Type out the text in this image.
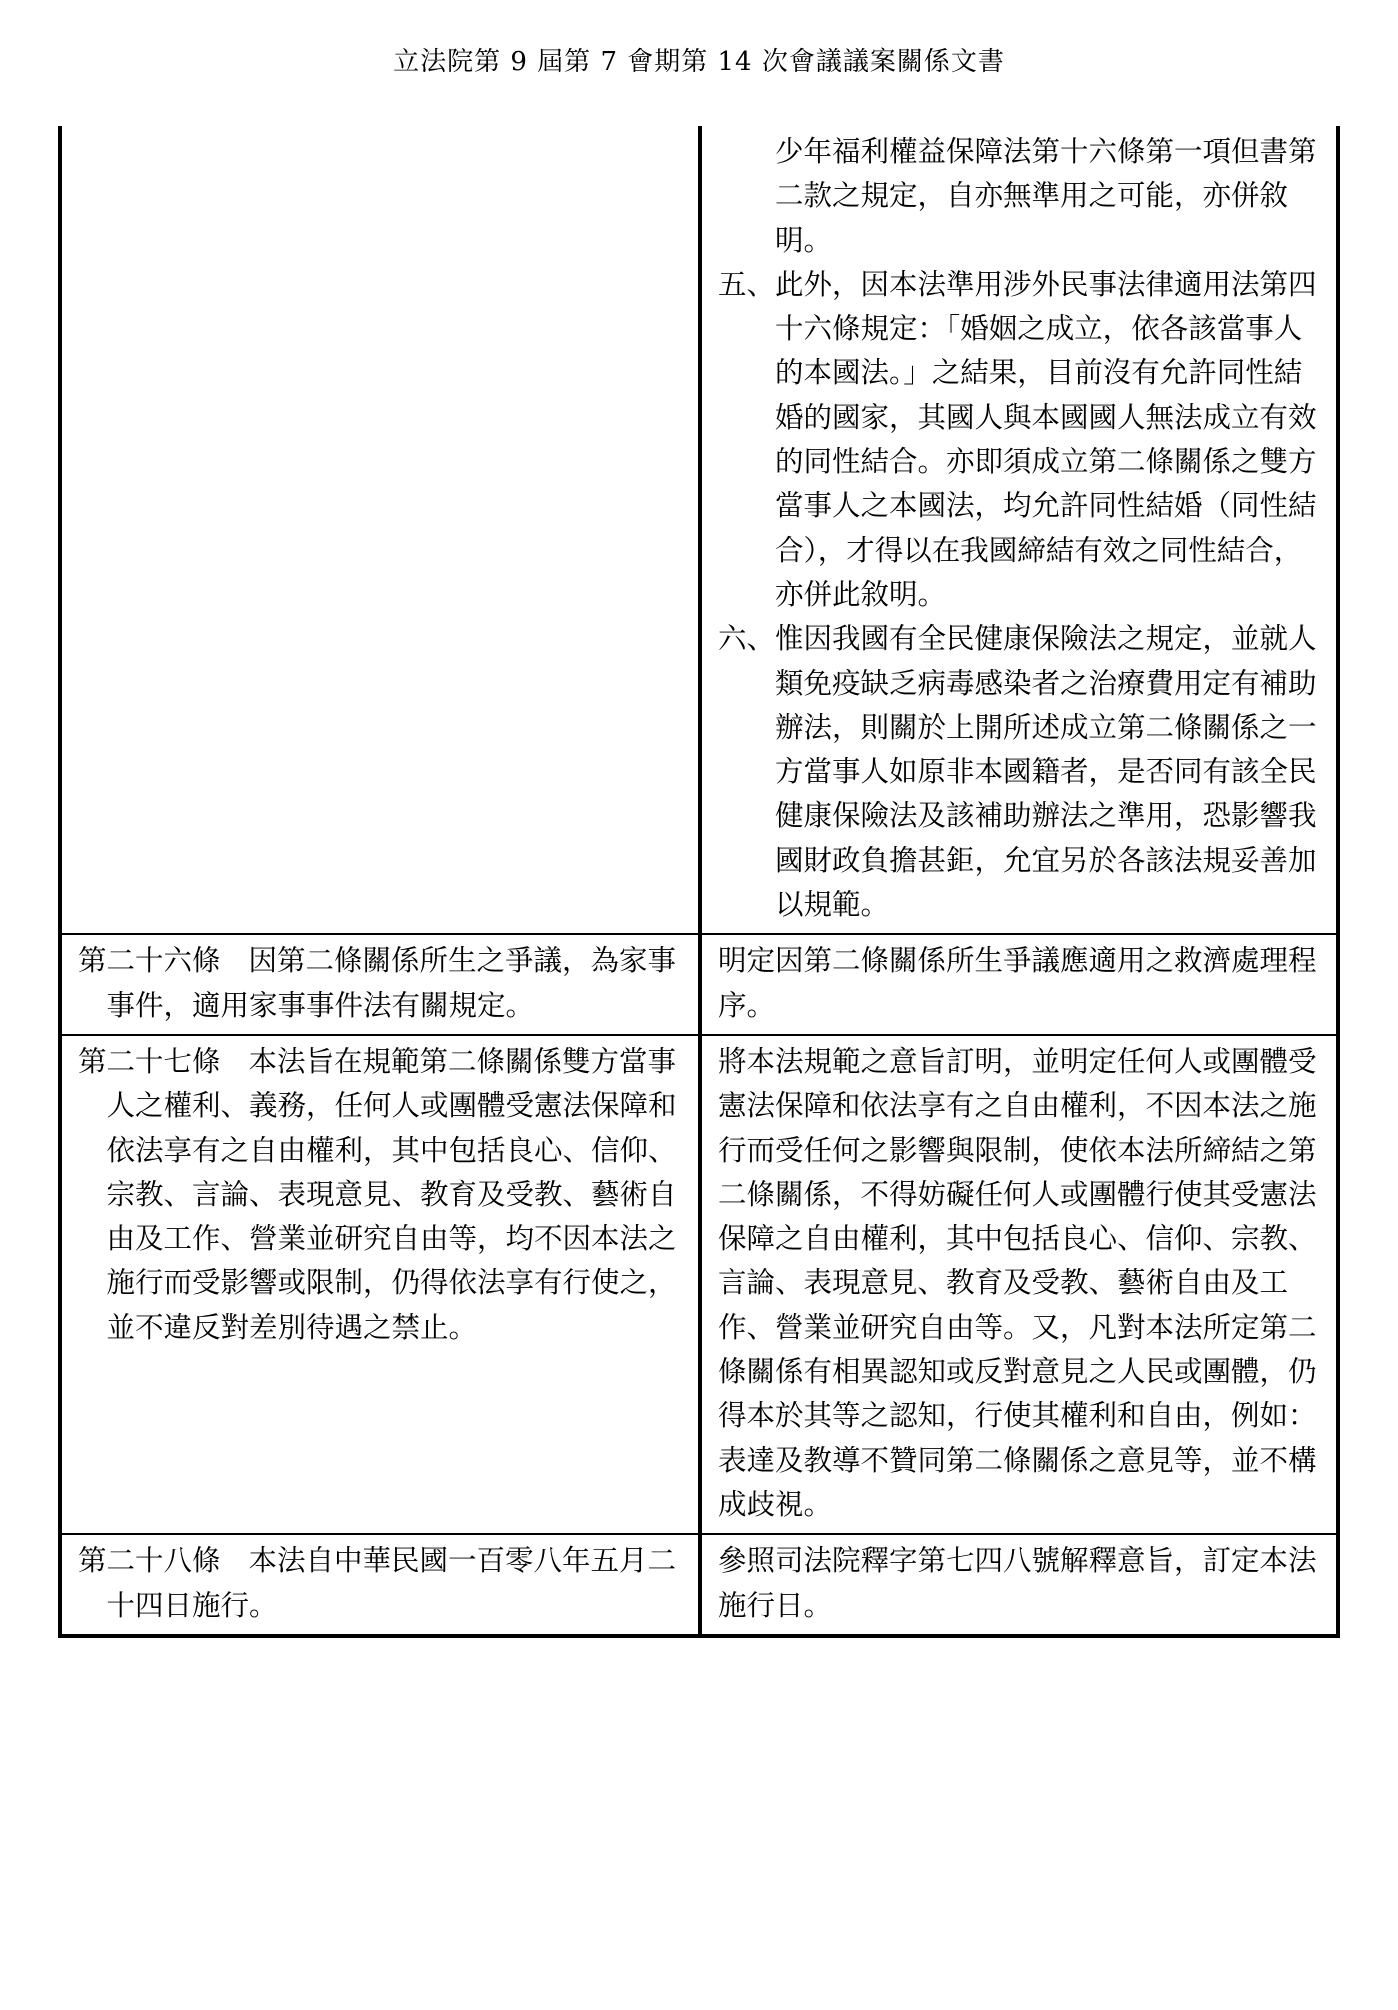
立法院第 9 屆第 7 會期第 14 次會議議案關係文書

	少年福利權益保障法第十六條第一項但書第二款之規定，自亦無準用之可能，亦併敘明。
五、此外，因本法準用涉外民事法律適用法第四十六條規定：「婚姻之成立，依各該當事人的本國法。」之結果，目前沒有允許同性結婚的國家，其國人與本國國人無法成立有效的同性結合。亦即須成立第二條關係之雙方當事人之本國法，均允許同性結婚（同性結合），才得以在我國締結有效之同性結合，亦併此敘明。
六、惟因我國有全民健康保險法之規定，並就人類免疫缺乏病毒感染者之治療費用定有補助辦法，則關於上開所述成立第二條關係之一方當事人如原非本國籍者，是否同有該全民健康保險法及該補助辦法之準用，恐影響我國財政負擔甚鉅，允宜另於各該法規妥善加以規範。

第二十六條 因第二條關係所生之爭議，為家事事件，適用家事事件法有關規定。	明定因第二條關係所生爭議應適用之救濟處理程序。

第二十七條 本法旨在規範第二條關係雙方當事人之權利、義務，任何人或團體受憲法保障和依法享有之自由權利，其中包括良心、信仰、宗教、言論、表現意見、教育及受教、藝術自由及工作、營業並研究自由等，均不因本法之施行而受影響或限制，仍得依法享有行使之，並不違反對差別待遇之禁止。	將本法規範之意旨訂明，並明定任何人或團體受憲法保障和依法享有之自由權利，不因本法之施行而受任何之影響與限制，使依本法所締結之第二條關係，不得妨礙任何人或團體行使其受憲法保障之自由權利，其中包括良心、信仰、宗教、言論、表現意見、教育及受教、藝術自由及工作、營業並研究自由等。又，凡對本法所定第二條關係有相異認知或反對意見之人民或團體，仍得本於其等之認知，行使其權利和自由，例如：表達及教導不贊同第二條關係之意見等，並不構成歧視。

第二十八條 本法自中華民國一百零八年五月二十四日施行。	參照司法院釋字第七四八號解釋意旨，訂定本法施行日。
